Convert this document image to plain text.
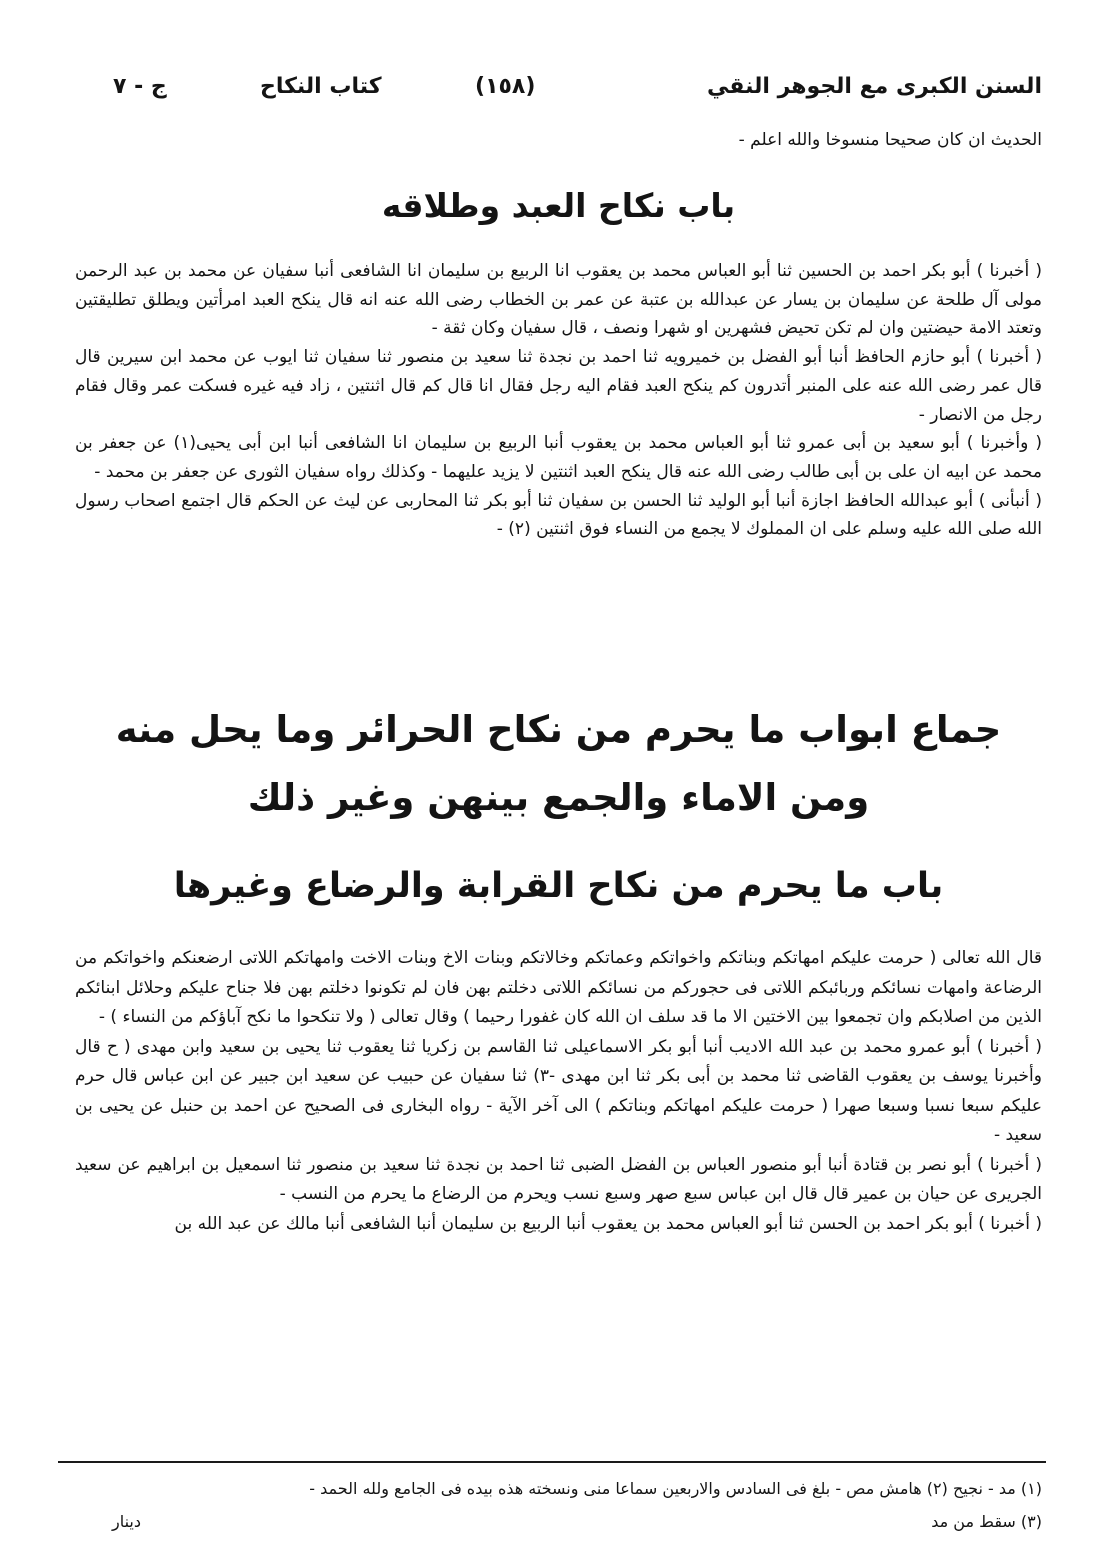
السنن الكبرى مع الجوهر النقي
(١٥٨)
كتاب النكاح
ج - ٧

الحديث ان كان صحيحا منسوخا والله اعلم -

باب نكاح العبد وطلاقه

( أخبرنا ) أبو بكر احمد بن الحسين ثنا أبو العباس محمد بن يعقوب انا الربيع بن سليمان انا الشافعى أنبا سفيان عن محمد بن عبد الرحمن مولى آل طلحة عن سليمان بن يسار عن عبدالله بن عتبة عن عمر بن الخطاب رضى الله عنه انه قال ينكح العبد امرأتين ويطلق تطليقتين وتعتد الامة حيضتين وان لم تكن تحيض فشهرين او شهرا ونصف ، قال سفيان وكان ثقة -

( أخبرنا ) أبو حازم الحافظ أنبا أبو الفضل بن خميرويه ثنا احمد بن نجدة ثنا سعيد بن منصور ثنا سفيان ثنا ايوب عن محمد ابن سيرين قال قال عمر رضى الله عنه على المنبر أتدرون كم ينكح العبد فقام اليه رجل فقال انا قال كم قال اثنتين ، زاد فيه غيره فسكت عمر وقال فقام رجل من الانصار -

( وأخبرنا ) أبو سعيد بن أبى عمرو ثنا أبو العباس محمد بن يعقوب أنبا الربيع بن سليمان انا الشافعى أنبا ابن أبى يحيى(١) عن جعفر بن محمد عن ابيه ان على بن أبى طالب رضى الله عنه قال ينكح العبد اثنتين لا يزيد عليهما - وكذلك رواه سفيان الثورى عن جعفر بن محمد -

( أنبأنى ) أبو عبدالله الحافظ اجازة أنبا أبو الوليد ثنا الحسن بن سفيان ثنا أبو بكر ثنا المحاربى عن ليث عن الحكم قال اجتمع اصحاب رسول الله صلى الله عليه وسلم على ان المملوك لا يجمع من النساء فوق اثنتين (٢) -

جماع ابواب ما يحرم من نكاح الحرائر وما يحل منه
ومن الاماء والجمع بينهن وغير ذلك
باب ما يحرم من نكاح القرابة والرضاع وغيرها

قال الله تعالى ( حرمت عليكم امهاتكم وبناتكم واخواتكم وعماتكم وخالاتكم وبنات الاخ وبنات الاخت وامهاتكم اللاتى ارضعنكم واخواتكم من الرضاعة وامهات نسائكم وربائبكم اللاتى فى حجوركم من نسائكم اللاتى دخلتم بهن فان لم تكونوا دخلتم بهن فلا جناح عليكم وحلائل ابنائكم الذين من اصلابكم وان تجمعوا بين الاختين الا ما قد سلف ان الله كان غفورا رحيما ) وقال تعالى ( ولا تنكحوا ما نكح آباؤكم من النساء ) -

( أخبرنا ) أبو عمرو محمد بن عبد الله الاديب أنبا أبو بكر الاسماعيلى ثنا القاسم بن زكريا ثنا يعقوب ثنا يحيى بن سعيد وابن مهدى ( ح قال وأخبرنا يوسف بن يعقوب القاضى ثنا محمد بن أبى بكر ثنا ابن مهدى -٣) ثنا سفيان عن حبيب عن سعيد ابن جبير عن ابن عباس قال حرم عليكم سبعا نسبا وسبعا صهرا ( حرمت عليكم امهاتكم وبناتكم ) الى آخر الآية - رواه البخارى فى الصحيح عن احمد بن حنبل عن يحيى بن سعيد -

( أخبرنا ) أبو نصر بن قتادة أنبا أبو منصور العباس بن الفضل الضبى ثنا احمد بن نجدة ثنا سعيد بن منصور ثنا اسمعيل بن ابراهيم عن سعيد الجريرى عن حيان بن عمير قال قال ابن عباس سبع صهر وسبع نسب ويحرم من الرضاع ما يحرم من النسب -

( أخبرنا ) أبو بكر احمد بن الحسن ثنا أبو العباس محمد بن يعقوب أنبا الربيع بن سليمان أنبا الشافعى أنبا مالك عن عبد الله بن

(١) مد - نجيح (٢) هامش مص - بلغ فى السادس والاربعين سماعا منى ونسخته هذه بيده فى الجامع ولله الحمد -
(٣) سقط من مد
دينار
